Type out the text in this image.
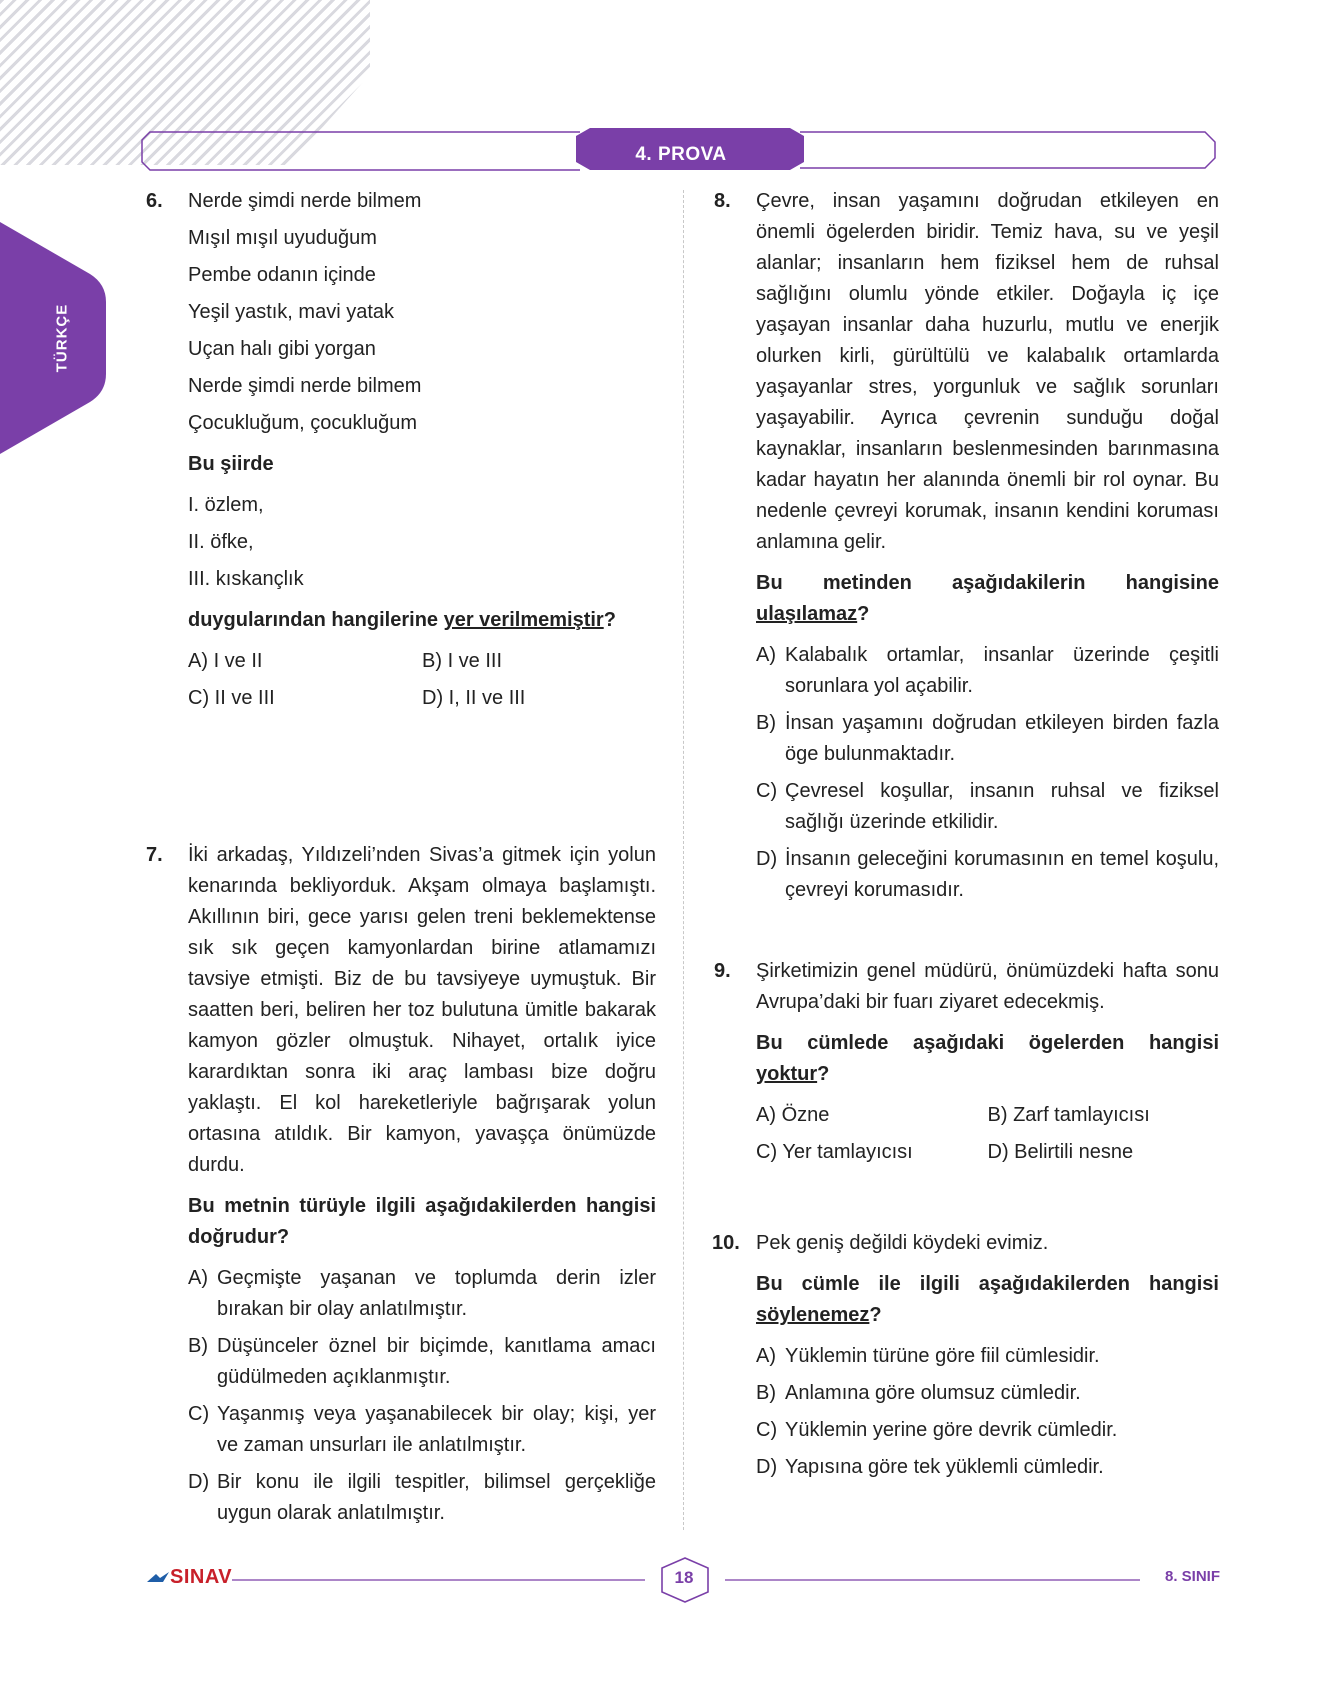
4. PROVA
TÜRKÇE
6.	Nerde şimdi nerde bilmem
Mışıl mışıl uyuduğum
Pembe odanın içinde
Yeşil yastık, mavi yatak
Uçan halı gibi yorgan
Nerde şimdi nerde bilmem
Çocukluğum, çocukluğum
Bu şiirde
I. özlem,
II. öfke,
III. kıskançlık
duygularından hangilerine yer verilmemiştir?
A) I ve II	B) I ve III
C) II ve III	D) I, II ve III
7.	İki arkadaş, Yıldızeli’nden Sivas’a gitmek için yolun kenarında bekliyorduk. Akşam olmaya başlamıştı. Akıllının biri, gece yarısı gelen treni beklemektense sık sık geçen kamyonlardan birine atlamamızı tavsiye etmişti. Biz de bu tavsiyeye uymuştuk. Bir saatten beri, beliren her toz bulutuna ümitle bakarak kamyon gözler olmuştuk. Nihayet, ortalık iyice karardıktan sonra iki araç lambası bize doğru yaklaştı. El kol hareketleriyle bağrışarak yolun ortasına atıldık. Bir kamyon, yavaşça önümüzde durdu.
Bu metnin türüyle ilgili aşağıdakilerden hangisi doğrudur?
A) Geçmişte yaşanan ve toplumda derin izler bırakan bir olay anlatılmıştır.
B) Düşünceler öznel bir biçimde, kanıtlama amacı güdülmeden açıklanmıştır.
C) Yaşanmış veya yaşanabilecek bir olay; kişi, yer ve zaman unsurları ile anlatılmıştır.
D) Bir konu ile ilgili tespitler, bilimsel gerçekliğe uygun olarak anlatılmıştır.
8.	Çevre, insan yaşamını doğrudan etkileyen en önemli ögelerden biridir. Temiz hava, su ve yeşil alanlar; insanların hem fiziksel hem de ruhsal sağlığını olumlu yönde etkiler. Doğayla iç içe yaşayan insanlar daha huzurlu, mutlu ve enerjik olurken kirli, gürültülü ve kalabalık ortamlarda yaşayanlar stres, yorgunluk ve sağlık sorunları yaşayabilir. Ayrıca çevrenin sunduğu doğal kaynaklar, insanların beslenmesinden barınmasına kadar hayatın her alanında önemli bir rol oynar. Bu nedenle çevreyi korumak, insanın kendini koruması anlamına gelir.
Bu metinden aşağıdakilerin hangisine ulaşılamaz?
A) Kalabalık ortamlar, insanlar üzerinde çeşitli sorunlara yol açabilir.
B) İnsan yaşamını doğrudan etkileyen birden fazla öge bulunmaktadır.
C) Çevresel koşullar, insanın ruhsal ve fiziksel sağlığı üzerinde etkilidir.
D) İnsanın geleceğini korumasının en temel koşulu, çevreyi korumasıdır.
9.	Şirketimizin genel müdürü, önümüzdeki hafta sonu Avrupa’daki bir fuarı ziyaret edecekmiş.
Bu cümlede aşağıdaki ögelerden hangisi yoktur?
A) Özne	B) Zarf tamlayıcısı
C) Yer tamlayıcısı	D) Belirtili nesne
10. Pek geniş değildi köydeki evimiz.
Bu cümle ile ilgili aşağıdakilerden hangisi söylenemez?
A) Yüklemin türüne göre fiil cümlesidir.
B) Anlamına göre olumsuz cümledir.
C) Yüklemin yerine göre devrik cümledir.
D) Yapısına göre tek yüklemli cümledir.
SINAV	18	8. SINIF
